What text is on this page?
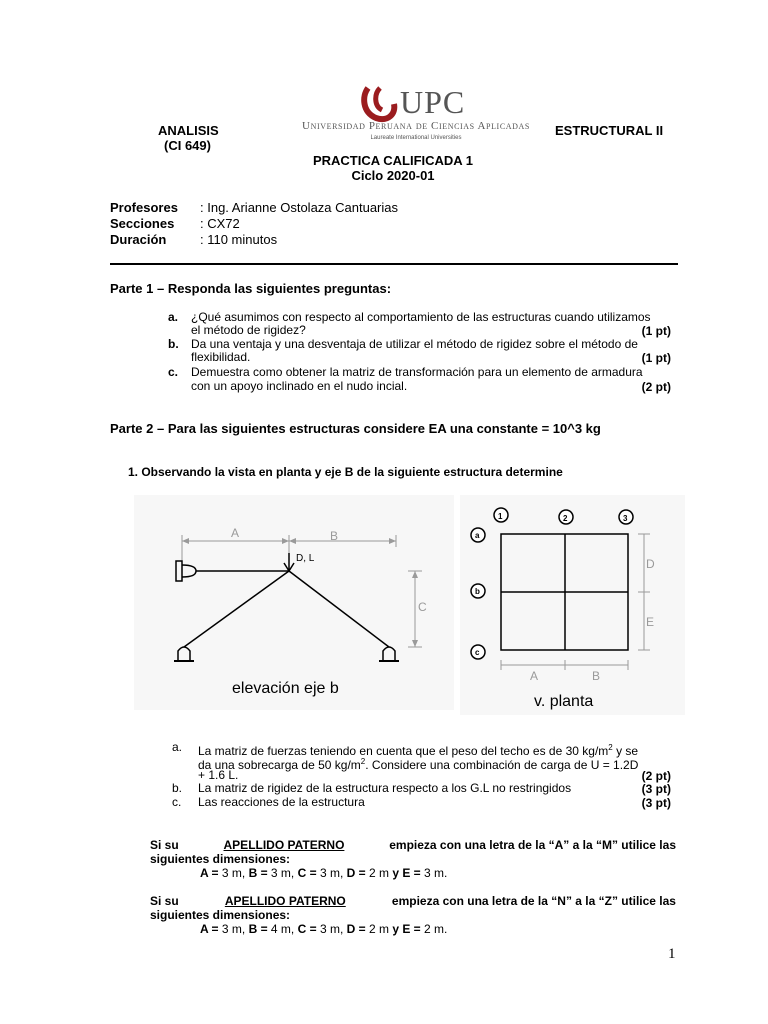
ANALISIS
(CI 649)
ESTRUCTURAL II
UPC
Universidad Peruana de Ciencias Aplicadas
Laureate International Universities
PRACTICA CALIFICADA 1
Ciclo 2020-01
Profesores : Ing. Arianne Ostolaza Cantuarias
Secciones : CX72
Duración	: 110 minutos
Parte 1 – Responda las siguientes preguntas:
a. ¿Qué asumimos con respecto al comportamiento de las estructuras cuando utilizamos
el método de rigidez?	(1 pt)
b. Da una ventaja y una desventaja de utilizar el método de rigidez sobre el método de
flexibilidad.	(1 pt)
c. Demuestra como obtener la matriz de transformación para un elemento de armadura
con un apoyo inclinado en el nudo incial.	(2 pt)
Parte 2 – Para las siguientes estructuras considere EA una constante = 10^3 kg
1. Observando la vista en planta y eje B de la siguiente estructura determine
A	B
D, L
C
elevación eje b
1	2	3
a
b
c
D
E
A	B
v. planta
a. La matriz de fuerzas teniendo en cuenta que el peso del techo es de 30 $kg/m^2$ y se
da una sobrecarga de 50 $kg/m^2$. Considere una combinación de carga de U = 1.2D
+ 1.6 L.	(2 pt)
b. La matriz de rigidez de la estructura respecto a los G.L no restringidos	(3 pt)
c. Las reacciones de la estructura	(3 pt)
Si su	APELLIDO PATERNO	empieza con una letra de la “A” a la “M” utilice las
siguientes dimensiones:
A = 3 m, B = 3 m, C = 3 m, D = 2 m y E = 3 m.
Si su	APELLIDO PATERNO	empieza con una letra de la “N” a la “Z” utilice las
siguientes dimensiones:
A = 3 m, B = 4 m, C = 3 m, D = 2 m y E = 2 m.
1
